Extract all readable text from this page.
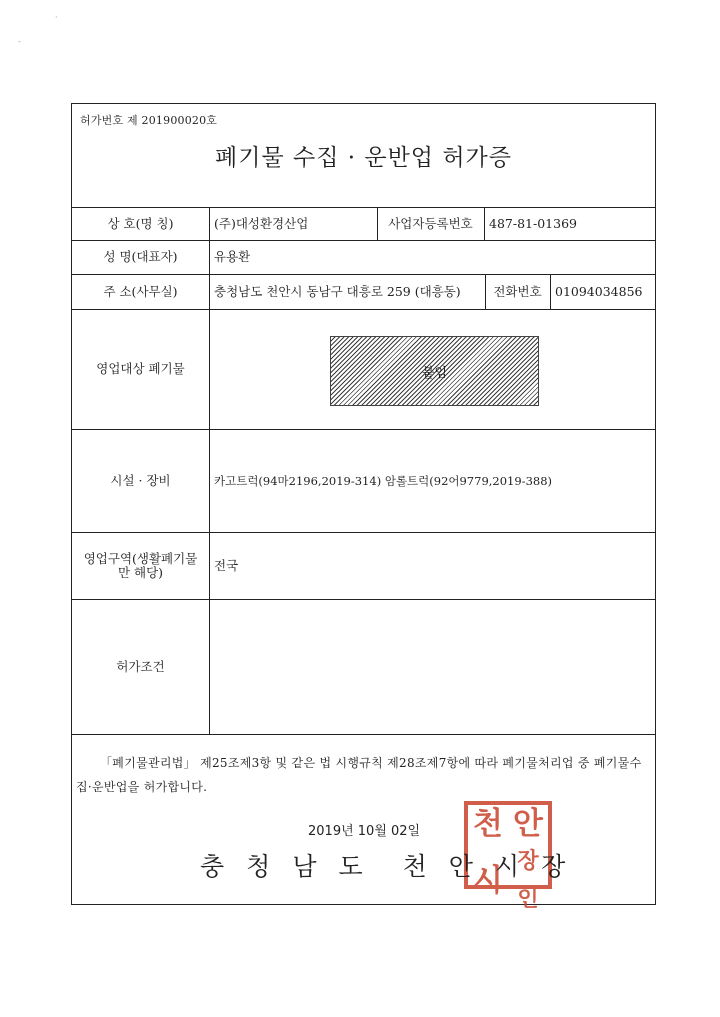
·
-
허가번호 제 201900020호
폐기물 수집 · 운반업 허가증
상 호(명 칭)	(주)대성환경산업	사업자등록번호	487-81-01369
성 명(대표자)	유용환
주 소(사무실)	충청남도 천안시 동남구 대흥로 259 (대흥동)	전화번호	01094034856
영업대상 폐기물	붙임
시설 · 장비	카고트럭(94마2196,2019-314) 암롤트럭(92어9779,2019-388)
영업구역(생활폐기물 만 해당)	전국
허가조건
「폐기물관리법」 제25조제3항 및 같은 법 시행규칙 제28조제7항에 따라 폐기물처리업 중 폐기물수집·운반업을 허가합니다.
2019년 10월 02일 천 안
시
장인
충 청 남 도 천 안 시 장
